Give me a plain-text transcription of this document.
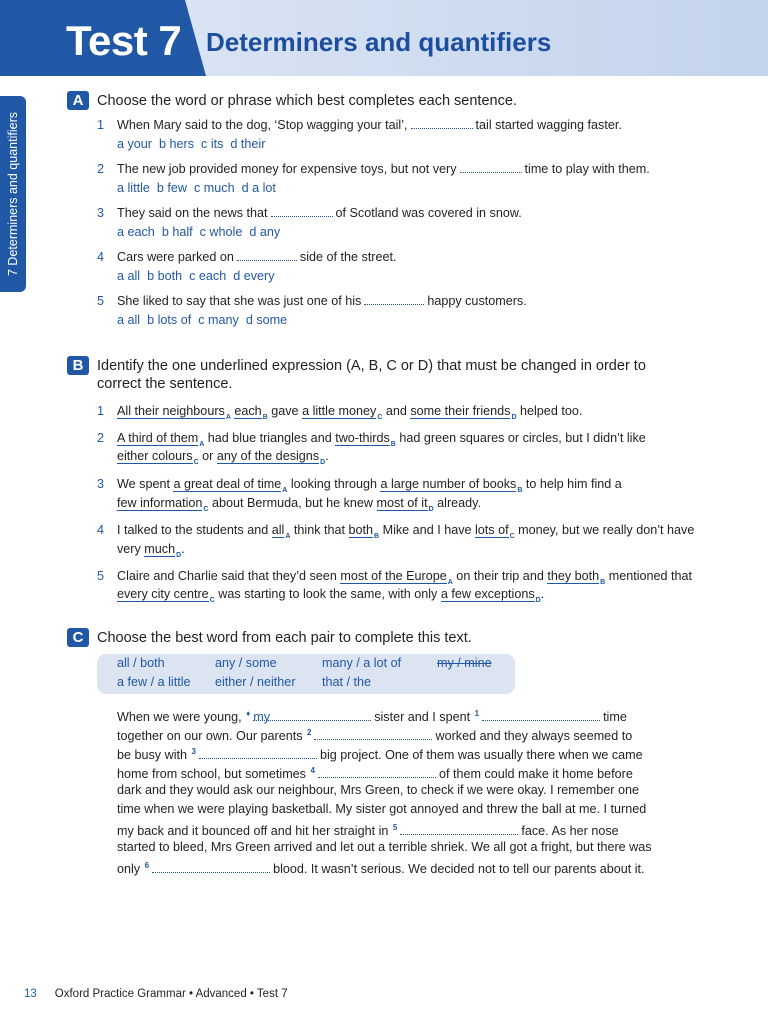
Test 7 Determiners and quantifiers
7 Determiners and quantifiers
A Choose the word or phrase which best completes each sentence.
1 When Mary said to the dog, ‘Stop wagging your tail’,	tail started wagging faster.
a your b hers c its d their
2 The new job provided money for expensive toys, but not very	time to play with them.
a little b few c much d a lot
3 They said on the news that	of Scotland was covered in snow.
a each b half c whole d any
4 Cars were parked on	side of the street.
a all b both c each d every
5 She liked to say that she was just one of his	happy customers.
a all b lots of c many d some
B Identify the one underlined expression (A, B, C or D) that must be changed in order to
correct the sentence.
1 All their neighbours$_A$ each$_B$ gave a little money$_C$ and some their friends$_D$ helped too.
2 A third of them$_A$ had blue triangles and two-thirds$_B$ had green squares or circles, but I didn’t like
either colours$_C$ or any of the designs$_D$.
3 We spent a great deal of time$_A$ looking through a large number of books$_B$ to help him find a
few information$_C$ about Bermuda, but he knew most of $it_D$ already.
4 I talked to the students and all$_A$ think that both$_B$ Mike and I have lots $of_C$ money, but we really don’t have
very much$_D$.
5 Claire and Charlie said that they’d seen most of the Europe$_A$ on their trip and they both$_B$ mentioned that
every city centre$_C$ was starting to look the same, with only a few exceptions$_D$.
C Choose the best word from each pair to complete this text.
all / both	any / some	many / a lot of	my / mine
a few / a little either / neither that / the
When we were young, ♦ my	sister and I spent $^1$	time
together on our own. Our parents $^2$	worked and they always seemed to
be busy with $^3$	big project. One of them was usually there when we came
home from school, but sometimes $^4$	of them could make it home before
dark and they would ask our neighbour, Mrs Green, to check if we were okay. I remember one
time when we were playing basketball. My sister got annoyed and threw the ball at me. I turned
my back and it bounced off and hit her straight in $^5$	face. As her nose
started to bleed, Mrs Green arrived and let out a terrible shriek. We all got a fright, but there was
only $^6$	blood. It wasn’t serious. We decided not to tell our parents about it.
13 Oxford Practice Grammar • Advanced • Test 7
